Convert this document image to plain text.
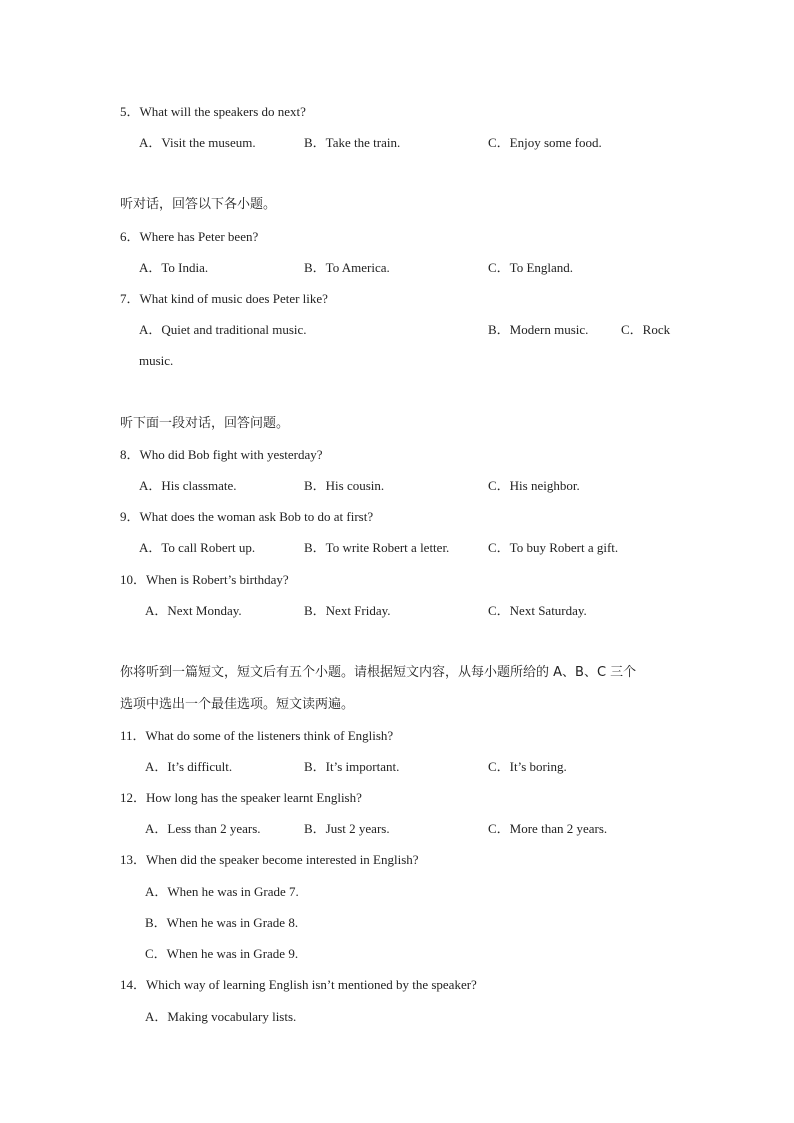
5．What will the speakers do next?
A．Visit the museum.	B．Take the train.	C．Enjoy some food.
听对话，回答以下各小题。
6．Where has Peter been?
A．To India.	B．To America.	C．To England.
7．What kind of music does Peter like?
A．Quiet and traditional music.	B．Modern music.	C．Rock
music.
听下面一段对话，回答问题。
8．Who did Bob fight with yesterday?
A．His classmate.	B．His cousin.	C．His neighbor.
9．What does the woman ask Bob to do at first?
A．To call Robert up.	B．To write Robert a letter.	C．To buy Robert a gift.
10．When is Robert’s birthday?
A．Next Monday.	B．Next Friday.	C．Next Saturday.
你将听到一篇短文，短文后有五个小题。请根据短文内容，从每小题所给的 A、B、C 三个
选项中选出一个最佳选项。短文读两遍。
11．What do some of the listeners think of English?
A．It’s difficult.	B．It’s important.	C．It’s boring.
12．How long has the speaker learnt English?
A．Less than 2 years.	B．Just 2 years.	C．More than 2 years.
13．When did the speaker become interested in English?
A．When he was in Grade 7.
B．When he was in Grade 8.
C．When he was in Grade 9.
14．Which way of learning English isn’t mentioned by the speaker?
A．Making vocabulary lists.
